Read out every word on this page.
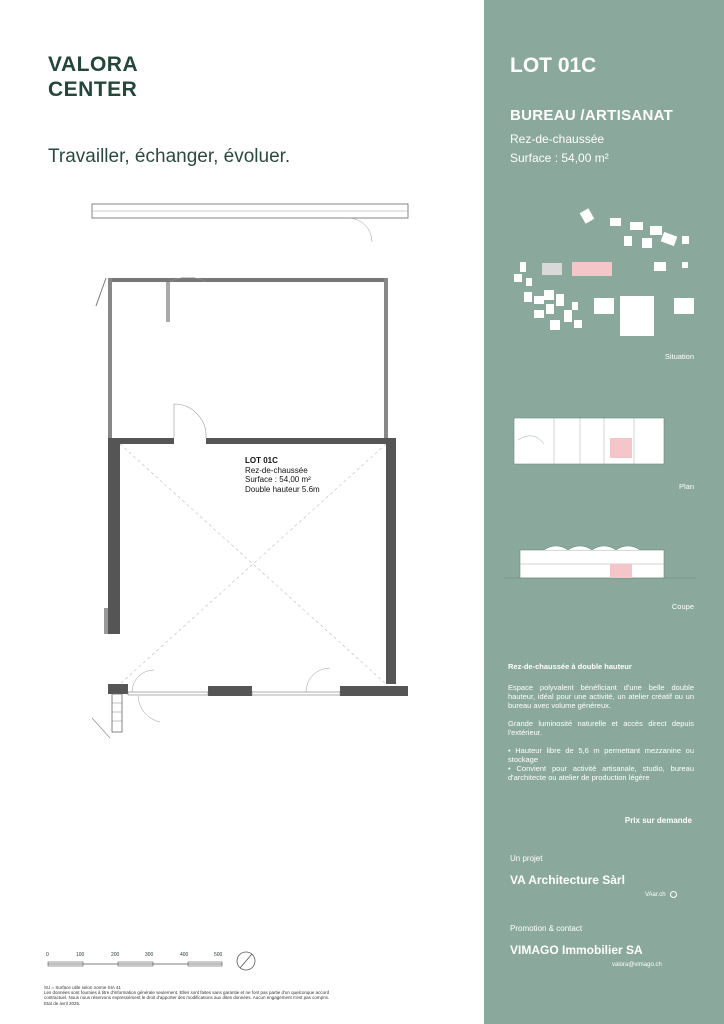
VALORA
CENTER
Travailler, échanger, évoluer.
LOT 01C
Rez-de-chaussée
Surface : 54,00 m²
Double hauteur 5.6m
0	100	200	300	400	500
SU = Surface utile selon norme SIA 41
Les données sont fournies à titre d'information générale seulement. Elles sont faites sans garantie et ne font pas partie d'un quelconque accord
contractuel. Nous nous réservons expressément le droit d'apporter des modifications aux dites données. Aucun engagement n'est pas compris.
Etat de avril 2025.
LOT 01C
BUREAU /ARTISANAT
Rez-de-chaussée
Surface : 54,00 m²
Situation
Plan
Coupe
Rez-de-chaussée à double hauteur

Espace polyvalent bénéficiant d'une belle double hauteur, idéal pour une activité, un atelier créatif ou un bureau avec volume généreux.

Grande luminosité naturelle et accès direct depuis l'extérieur.

• Hauteur libre de 5,6 m permettant mezzanine ou stockage
• Convient pour activité artisanale, studio, bureau d'architecte ou atelier de production légère
Prix sur demande
Un projet
VA Architecture Sàrl
VAar.ch
Promotion & contact
VIMAGO Immobilier SA
valora@vimago.ch
